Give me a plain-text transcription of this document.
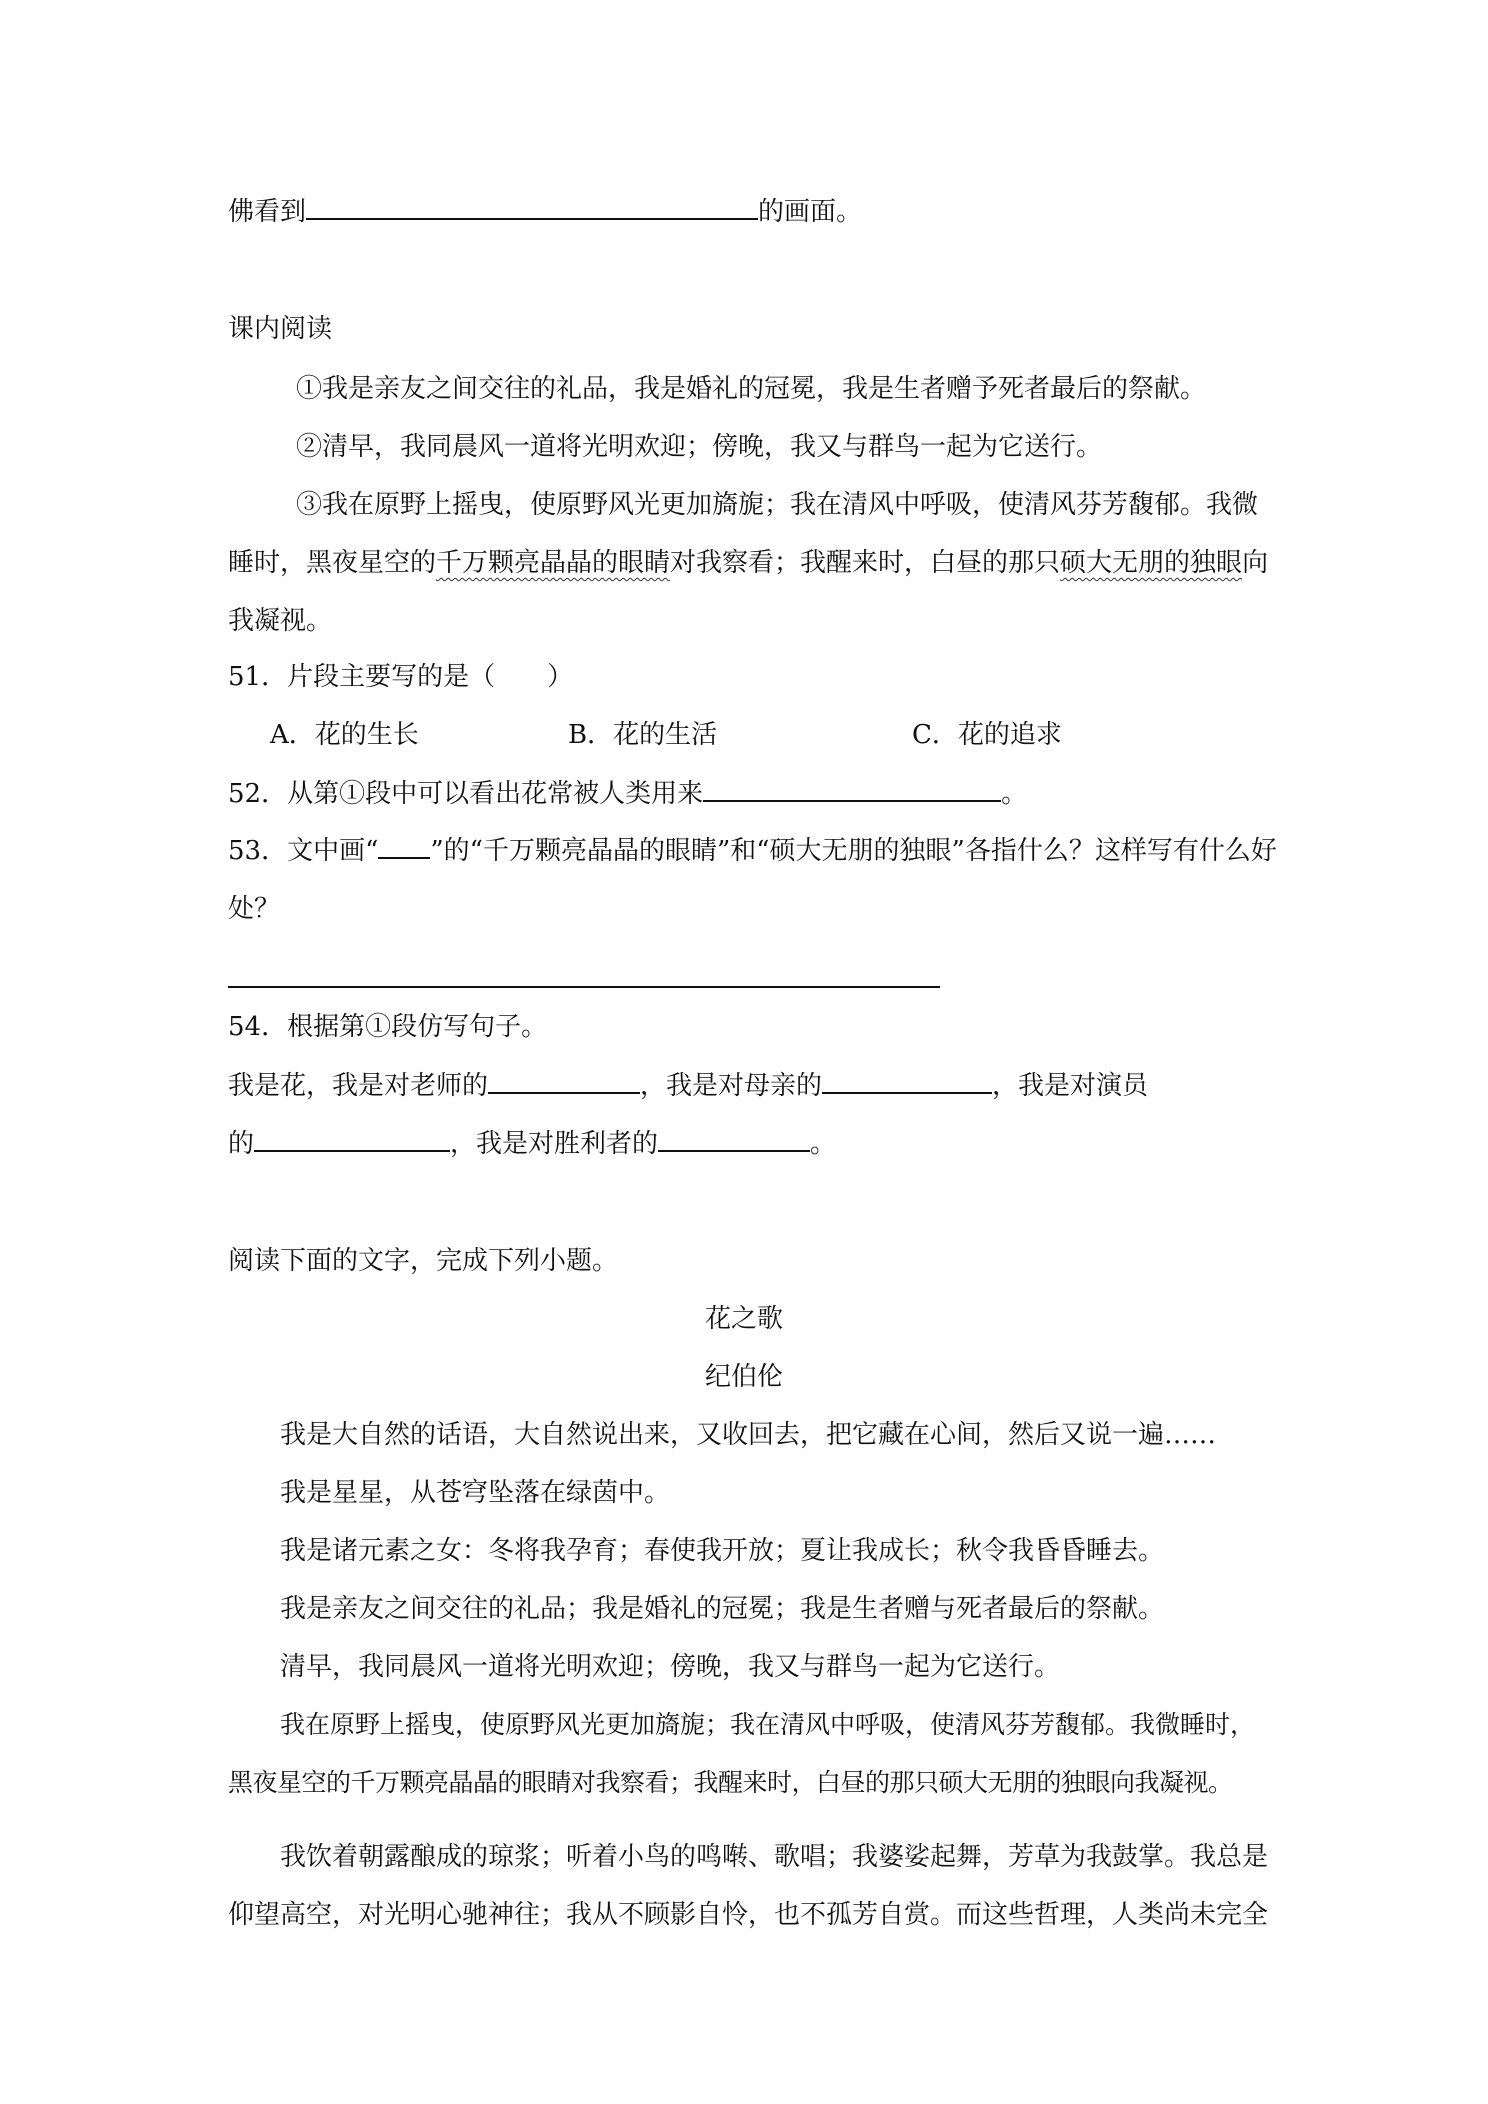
佛看到	的画面。
课内阅读
①我是亲友之间交往的礼品，我是婚礼的冠冕，我是生者赠予死者最后的祭献。
②清早，我同晨风一道将光明欢迎；傍晚，我又与群鸟一起为它送行。
③我在原野上摇曳，使原野风光更加旖旎；我在清风中呼吸，使清风芬芳馥郁。我微
睡时，黑夜星空的千万颗亮晶晶的眼睛对我察看；我醒来时，白昼的那只硕大无朋的独眼向
我凝视。
51．片段主要写的是（　　）
A．花的生长	B．花的生活	C．花的追求
52．从第①段中可以看出花常被人类用来	。
53．文中画“ ”的“千万颗亮晶晶的眼睛”和“硕大无朋的独眼”各指什么？这样写有什么好
处？
54．根据第①段仿写句子。
我是花，我是对老师的	，我是对母亲的	，我是对演员
的	，我是对胜利者的	。
阅读下面的文字，完成下列小题。
花之歌
纪伯伦
我是大自然的话语，大自然说出来，又收回去，把它藏在心间，然后又说一遍……
我是星星，从苍穹坠落在绿茵中。
我是诸元素之女：冬将我孕育；春使我开放；夏让我成长；秋令我昏昏睡去。
我是亲友之间交往的礼品；我是婚礼的冠冕；我是生者赠与死者最后的祭献。
清早，我同晨风一道将光明欢迎；傍晚，我又与群鸟一起为它送行。
我在原野上摇曳，使原野风光更加旖旎；我在清风中呼吸，使清风芬芳馥郁。我微睡时，
黑夜星空的千万颗亮晶晶的眼睛对我察看；我醒来时，白昼的那只硕大无朋的独眼向我凝视。
我饮着朝露酿成的琼浆；听着小鸟的鸣啭、歌唱；我婆娑起舞，芳草为我鼓掌。我总是
仰望高空，对光明心驰神往；我从不顾影自怜，也不孤芳自赏。而这些哲理，人类尚未完全
